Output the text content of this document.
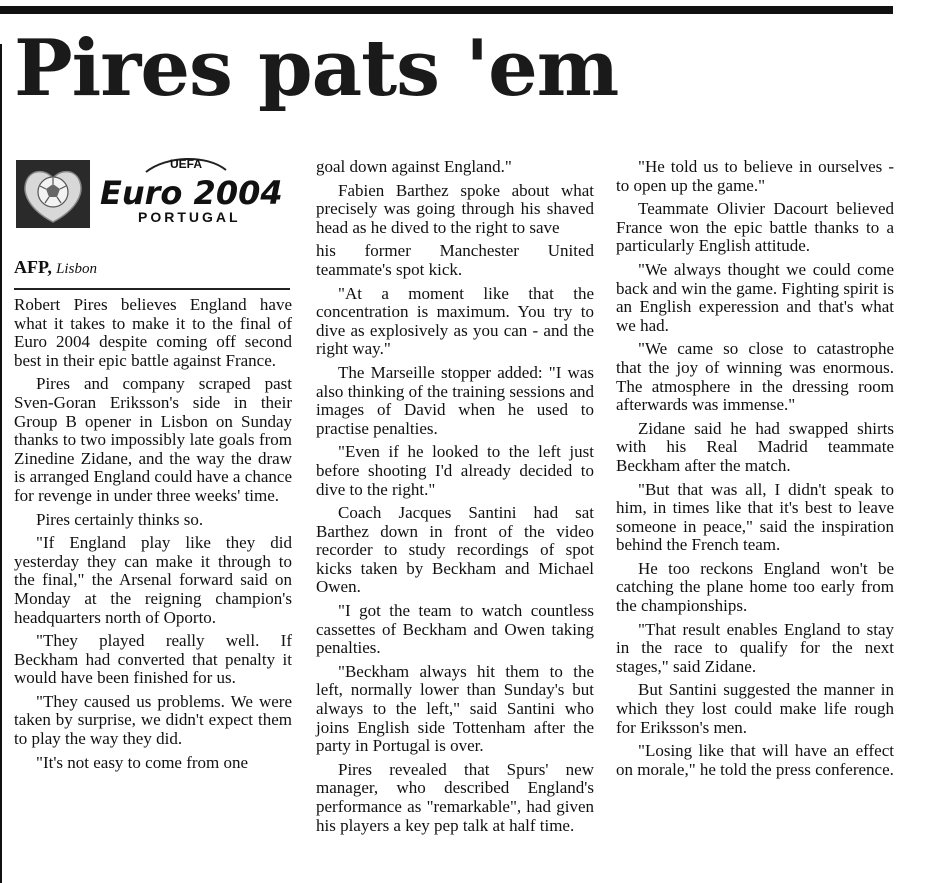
Pires pats 'em
UEFA
Euro 2004
PORTUGAL
AFP, Lisbon

Robert Pires believes England have what it takes to make it to the final of Euro 2004 despite coming off second best in their epic battle against France.

Pires and company scraped past Sven-Goran Eriksson's side in their Group B opener in Lisbon on Sunday thanks to two impossibly late goals from Zinedine Zidane, and the way the draw is arranged England could have a chance for revenge in under three weeks' time.

Pires certainly thinks so.

"If England play like they did yesterday they can make it through to the final," the Arsenal forward said on Monday at the reigning champion's headquarters north of Oporto.

"They played really well. If Beckham had converted that penalty it would have been finished for us.

"They caused us problems. We were taken by surprise, we didn't expect them to play the way they did.

"It's not easy to come from one

goal down against England."

Fabien Barthez spoke about what precisely was going through his shaved head as he dived to the right to save

his former Manchester United teammate's spot kick.

"At a moment like that the concentration is maximum. You try to dive as explosively as you can - and the right way."

The Marseille stopper added: "I was also thinking of the training sessions and images of David when he used to practise penalties.

"Even if he looked to the left just before shooting I'd already decided to dive to the right."

Coach Jacques Santini had sat Barthez down in front of the video recorder to study recordings of spot kicks taken by Beckham and Michael Owen.

"I got the team to watch countless cassettes of Beckham and Owen taking penalties.

"Beckham always hit them to the left, normally lower than Sunday's but always to the left," said Santini who joins English side Tottenham after the party in Portugal is over.

Pires revealed that Spurs' new manager, who described England's performance as "remarkable", had given his players a key pep talk at half time.

"He told us to believe in ourselves - to open up the game."

Teammate Olivier Dacourt believed France won the epic battle thanks to a particularly English attitude.

"We always thought we could come back and win the game. Fighting spirit is an English experession and that's what we had.

"We came so close to catastrophe that the joy of winning was enormous. The atmosphere in the dressing room afterwards was immense."

Zidane said he had swapped shirts with his Real Madrid teammate Beckham after the match.

"But that was all, I didn't speak to him, in times like that it's best to leave someone in peace," said the inspiration behind the French team.

He too reckons England won't be catching the plane home too early from the championships.

"That result enables England to stay in the race to qualify for the next stages," said Zidane.

But Santini suggested the manner in which they lost could make life rough for Eriksson's men.

"Losing like that will have an effect on morale," he told the press conference.
